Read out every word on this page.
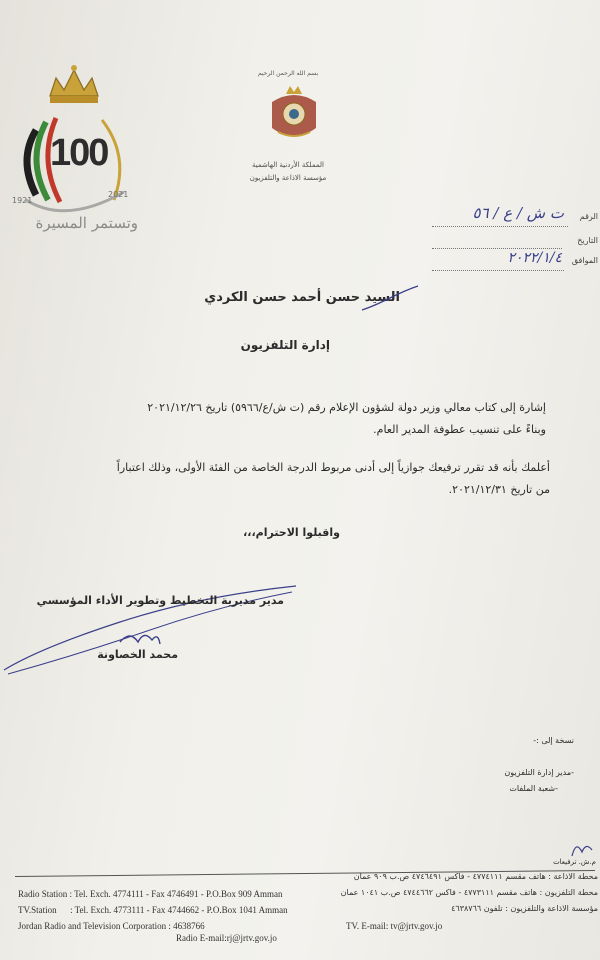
100
1921
2021
وتستمر المسيرة
بسم الله الرحمن الرحيم
المملكة الأردنية الهاشمية
مؤسسة الاذاعة والتلفزيون
الرقم
ت ش / ع / ٥٦
التاريخ
الموافق
٢٠٢٢/١/٤
السيد حسن أحمد حسن الكردي
إدارة التلفزيون
إشارة إلى كتاب معالي وزير دولة لشؤون الإعلام رقم (ت ش/ع/٥٩٦٦) تاريخ ٢٠٢١/١٢/٢٦
وبناءً على تنسيب عطوفة المدير العام.
أعلمك بأنه قد تقرر ترفيعك جوازياً إلى أدنى مربوط الدرجة الخاصة من الفئة الأولى، وذلك اعتباراً
من تاريخ ٢٠٢١/١٢/٣١.
واقبلوا الاحترام،،،
مدير مديرية التخطيط وتطوير الأداء المؤسسي
محمد الخصاونة
نسخة إلى :-
-مدير إدارة التلفزيون
-شعبة الملفات
م.ش. ترفيعات
Radio Station : Tel. Exch. 4774111 - Fax 4746491 - P.O.Box 909 Amman
TV.Station      : Tel. Exch. 4773111 - Fax 4744662 - P.O.Box 1041 Amman
Jordan Radio and Television Corporation : 4638766
Radio E-mail:rj@jrtv.gov.jo
TV. E-mail: tv@jrtv.gov.jo
محطة الاذاعة : هاتف مقسم ٤٧٧٤١١١ - فاكس ٤٧٤٦٤٩١ ص.ب ٩٠٩ عمان
محطة التلفزيون : هاتف مقسم ٤٧٧٣١١١ - فاكس ٤٧٤٤٦٦٢ ص.ب ١٠٤١ عمان
مؤسسة الاذاعة والتلفزيون : تلفون ٤٦٣٨٧٦٦
